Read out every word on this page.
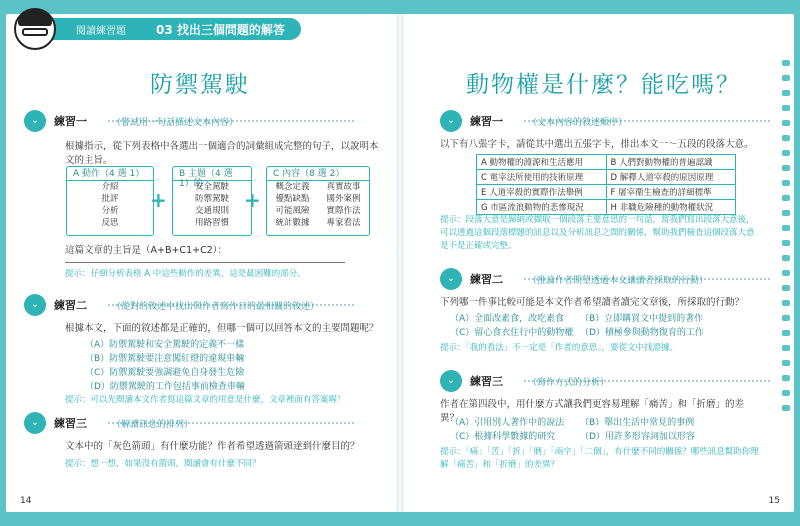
閱讀練習題	03 找出三個問題的解答
防禦駕駛
⌄	練習一	（嘗試用一句話描述文本內容）
根據指示，從下列表格中各選出一個適合的詞彙組成完整的句子，以說明本文的主旨。
A 動作（4 選 1）
介紹
批評
分析
反思
+
B 主題（4 選 1）的
安全駕駛
防禦駕駛
交通規則
用路習慣
+
C 內容（8 選 2）
概念定義
優點缺點
可能風險
統計數據
真實故事
國外案例
實際作法
專家看法
這篇文章的主旨是（A+B+C1+C2）：
提示：仔細分析表格 A 中這些動作的差異，這是最困難的部分。
⌄	練習二	（從對的敘述中找出與作者寫作目的最相關的敘述）
根據本文，下面的敘述都是正確的，但哪一個可以回答本文的主要問題呢？
（A）防禦駕駛和安全駕駛的定義不一樣
（B）防禦駕駛要注意闖紅燈的違規車輛
（C）防禦駕駛要強調避免自身發生危險
（D）防禦駕駛的工作包括事前檢查車輛
提示：可以先閱讀本文作者寫這篇文章的用意是什麼，文章裡面有答案喔！
⌄	練習三	（解讀訊息的排列）
文本中的「灰色箭頭」有什麼功能？作者希望透過箭頭達到什麼目的？
提示：想一想，如果沒有箭頭，閱讀會有什麼不同？
14
動物權是什麼？能吃嗎？
⌄	練習一	（文本內容的敘述順序）
以下有八張字卡，請從其中選出五張字卡，排出本文一〜五段的段落大意。
A 動物權的淵源和生活應用	B 人們對動物權的普遍認識
C 電宰法所使用的技術原理	D 解釋人道宰殺的原因原理
E 人道宰殺的實際作法舉例	F 屠宰衛生檢查的詳細標準
G 市區流浪動物的悲慘現況	H 非職危險種的動物權狀況
提示：段落大意是歸納或擷取一個段落主要意思的一句話，當我們寫出段落大意後，可以透過這個段落標題的訊息以及分析訊息之間的關係，幫助我們檢查這個段落大意是不是正確或完整。
⌄	練習二	（推論作者期望透過本文讓讀者採取的行動）
下列哪一件事比較可能是本文作者希望讀者讀完文章後，所採取的行動？
（A）全面改素食，改吃素食 （B）立即購買文中提到的著作
（C）留心食衣住行中的動物權 （D）積極參與動物復育的工作
提示：「我的看法」不一定是「作者的意思」，要從文中找證據。
⌄	練習三	（寫作方式的分析）
作者在第四段中，用什麼方式讓我們更容易理解「痛苦」和「折磨」的差異？
（A）引用別人著作中的說法 （B）舉出生活中常見的事例
（C）根據科學數據的研究	（D）用許多形容詞加以形容
提示：「痛」「苦」「折」「磨」「兩字」「二個」，有什麼不同的關係？哪些訊息幫助你理解「痛苦」和「折磨」的差異？
15
